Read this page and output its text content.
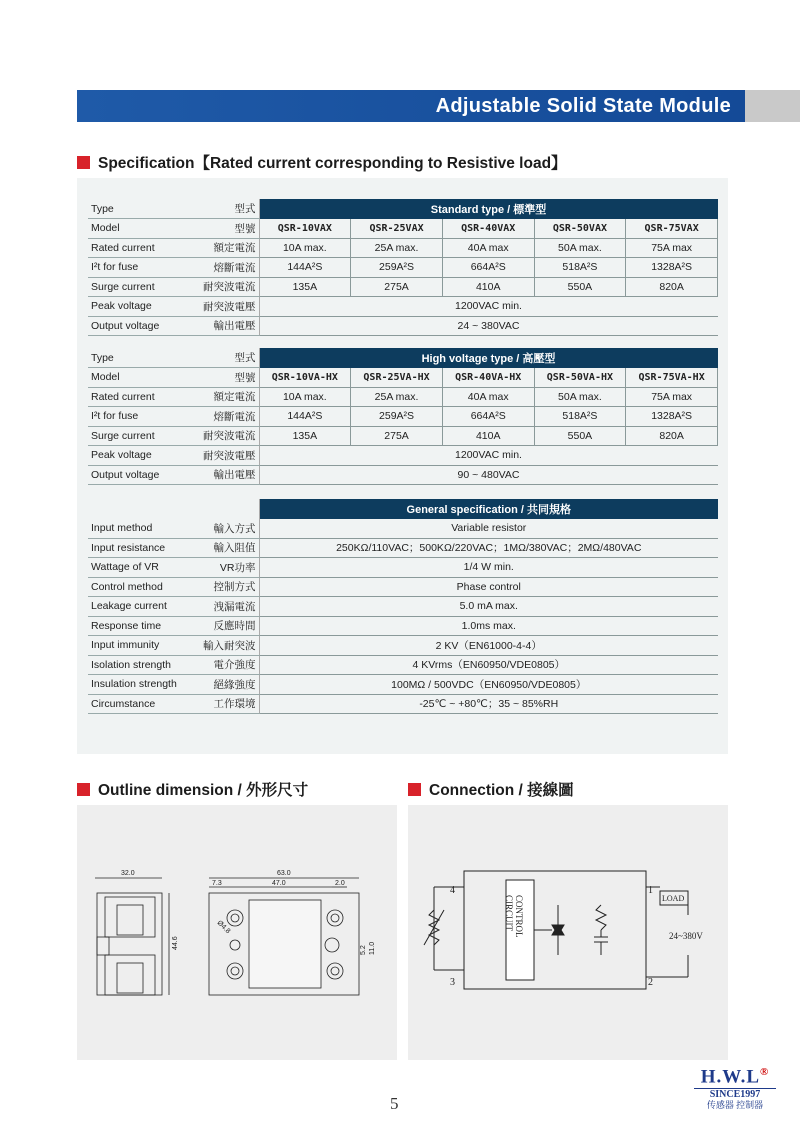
Adjustable Solid State Module
Specification【Rated current corresponding to Resistive load】
Type	型式	Standard type / 標準型				
Model	型號	QSR-10VAX	QSR-25VAX	QSR-40VAX	QSR-50VAX	QSR-75VAX
Rated current	額定電流	10A max.	25A max.	40A max	50A max.	75A max
I²t for fuse	熔斷電流	144A²S	259A²S	664A²S	518A²S	1328A²S
Surge current	耐突波電流	135A	275A	410A	550A	820A
Peak voltage	耐突波電壓	1200VAC min.				
Output voltage	輸出電壓	24 ~ 380VAC				
Type	型式	High voltage type / 高壓型				
Model	型號	QSR-10VA-HX	QSR-25VA-HX	QSR-40VA-HX	QSR-50VA-HX	QSR-75VA-HX
Rated current	額定電流	10A max.	25A max.	40A max	50A max.	75A max
I²t for fuse	熔斷電流	144A²S	259A²S	664A²S	518A²S	1328A²S
Surge current	耐突波電流	135A	275A	410A	550A	820A
Peak voltage	耐突波電壓	1200VAC min.				
Output voltage	輸出電壓	90 ~ 480VAC				
		General specification / 共同規格
Input method	輸入方式	Variable resistor
Input resistance	輸入阻值	250KΩ/110VAC；500KΩ/220VAC；1MΩ/380VAC；2MΩ/480VAC
Wattage of VR	VR功率	1/4 W min.
Control method	控制方式	Phase control
Leakage current	洩漏電流	5.0 mA max.
Response time	反應時間	1.0ms max.
Input immunity	輸入耐突波	2 KV（EN61000-4-4）
Isolation strength	電介強度	4 KVrms（EN60950/VDE0805）
Insulation strength	絕緣強度	100MΩ / 500VDC（EN60950/VDE0805）
Circumstance	工作環境	-25℃ ~ +80℃；35 ~ 85%RH
Outline dimension / 外形尺寸	Connection / 接線圖
32.0
44.6
63.0
7.3	47.0	2.0
Ø4.8
5.2 11.0
CONTROL
CIRCUIT
4
3
1
2
LOAD
24~380V
5
H.W.L®
SINCE1997
传感器 控制器
